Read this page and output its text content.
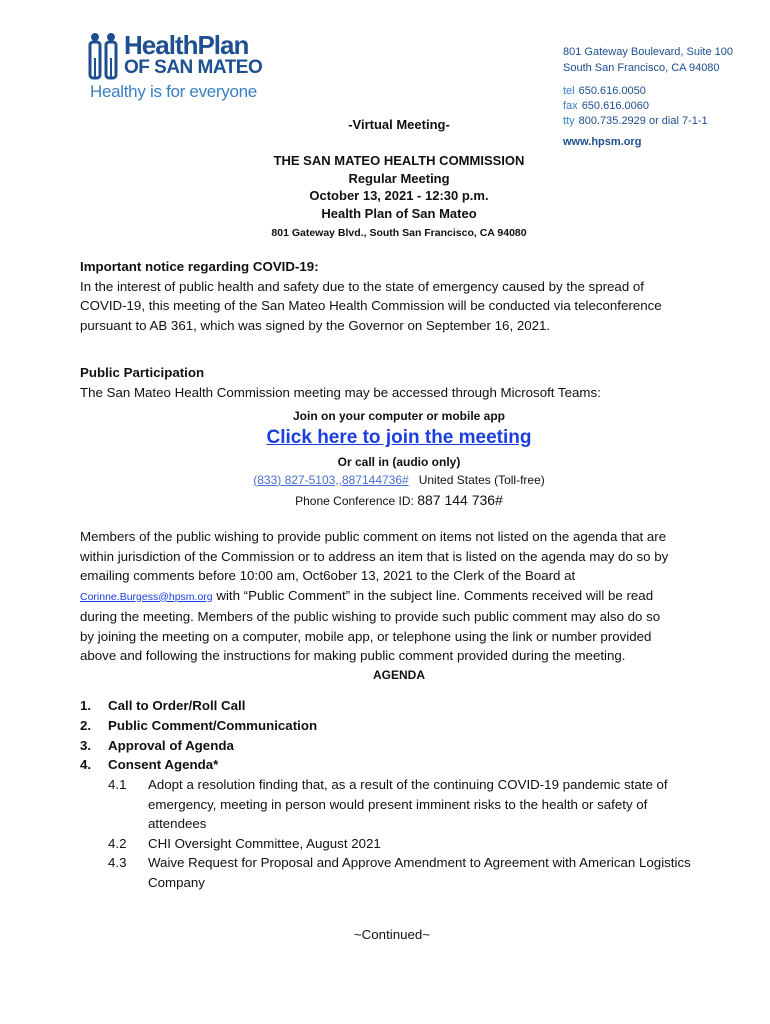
HealthPlan
OF SAN MATEO
Healthy is for everyone
801 Gateway Boulevard, Suite 100
South San Francisco, CA 94080
tel 650.616.0050
fax 650.616.0060
tty 800.735.2929 or dial 7-1-1
www.hpsm.org
-Virtual Meeting-
THE SAN MATEO HEALTH COMMISSION
Regular Meeting
October 13, 2021 - 12:30 p.m.
Health Plan of San Mateo
801 Gateway Blvd., South San Francisco, CA 94080
Important notice regarding COVID-19:
In the interest of public health and safety due to the state of emergency caused by the spread of
COVID-19, this meeting of the San Mateo Health Commission will be conducted via teleconference
pursuant to AB 361, which was signed by the Governor on September 16, 2021.
Public Participation
The San Mateo Health Commission meeting may be accessed through Microsoft Teams:
Join on your computer or mobile app
Click here to join the meeting
Or call in (audio only)
(833) 827-5103,,887144736# United States (Toll-free)
Phone Conference ID: 887 144 736#
Members of the public wishing to provide public comment on items not listed on the agenda that are
within jurisdiction of the Commission or to address an item that is listed on the agenda may do so by
emailing comments before 10:00 am, Oct6ober 13, 2021 to the Clerk of the Board at
Corinne.Burgess@hpsm.org with “Public Comment” in the subject line. Comments received will be read
during the meeting. Members of the public wishing to provide such public comment may also do so
by joining the meeting on a computer, mobile app, or telephone using the link or number provided
above and following the instructions for making public comment provided during the meeting.
AGENDA
1.	Call to Order/Roll Call
2.	Public Comment/Communication
3.	Approval of Agenda
4.	Consent Agenda*
4.1 Adopt a resolution finding that, as a result of the continuing COVID-19 pandemic state of emergency, meeting in person would present imminent risks to the health or safety of attendees
4.2 CHI Oversight Committee, August 2021
4.3 Waive Request for Proposal and Approve Amendment to Agreement with American Logistics Company
~Continued~
